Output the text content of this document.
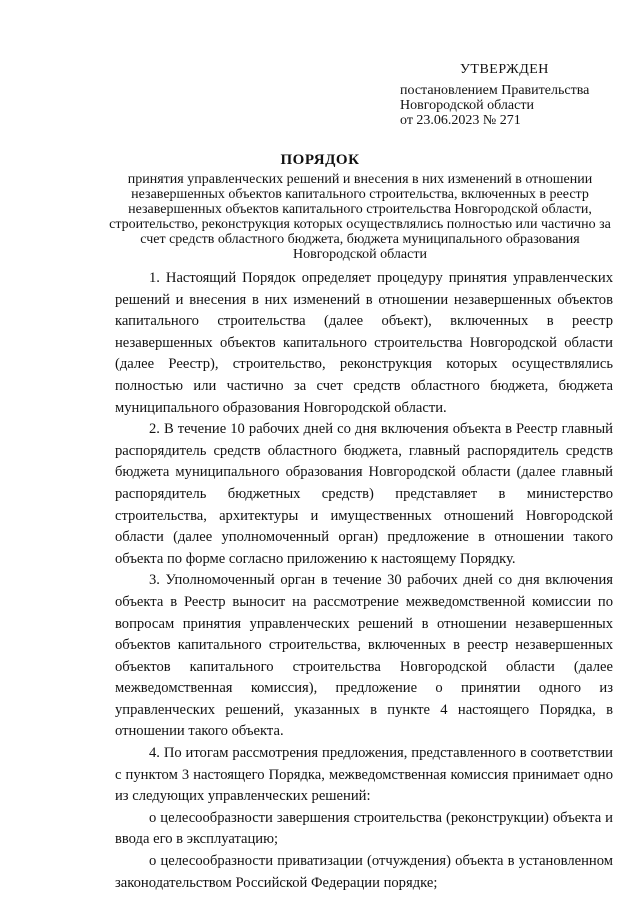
УТВЕРЖДЕН
постановлением Правительства
Новгородской области
от 23.06.2023 № 271
ПОРЯДОК
принятия управленческих решений и внесения в них изменений в отношении незавершенных объектов капитального строительства, включенных в реестр незавершенных объектов капитального строительства Новгородской области, строительство, реконструкция которых осуществлялись полностью или частично за счет средств областного бюджета, бюджета муниципального образования Новгородской области

1. Настоящий Порядок определяет процедуру принятия управленческих решений и внесения в них изменений в отношении незавершенных объектов капитального строительства (далее объект), включенных в реестр незавершенных объектов капитального строительства Новгородской области (далее Реестр), строительство, реконструкция которых осуществлялись полностью или частично за счет средств областного бюджета, бюджета муниципального образования Новгородской области.

2. В течение 10 рабочих дней со дня включения объекта в Реестр главный распорядитель средств областного бюджета, главный распорядитель средств бюджета муниципального образования Новгородской области (далее главный распорядитель бюджетных средств) представляет в министерство строительства, архитектуры и имущественных отношений Новгородской области (далее уполномоченный орган) предложение в отношении такого объекта по форме согласно приложению к настоящему Порядку.

3. Уполномоченный орган в течение 30 рабочих дней со дня включения объекта в Реестр выносит на рассмотрение межведомственной комиссии по вопросам принятия управленческих решений в отношении незавершенных объектов капитального строительства, включенных в реестр незавершенных объектов капитального строительства Новгородской области (далее межведомственная комиссия), предложение о принятии одного из управленческих решений, указанных в пункте 4 настоящего Порядка, в отношении такого объекта.

4. По итогам рассмотрения предложения, представленного в соответствии с пунктом 3 настоящего Порядка, межведомственная комиссия принимает одно из следующих управленческих решений:

о целесообразности завершения строительства (реконструкции) объекта и ввода его в эксплуатацию;

о целесообразности приватизации (отчуждения) объекта в установленном законодательством Российской Федерации порядке;
